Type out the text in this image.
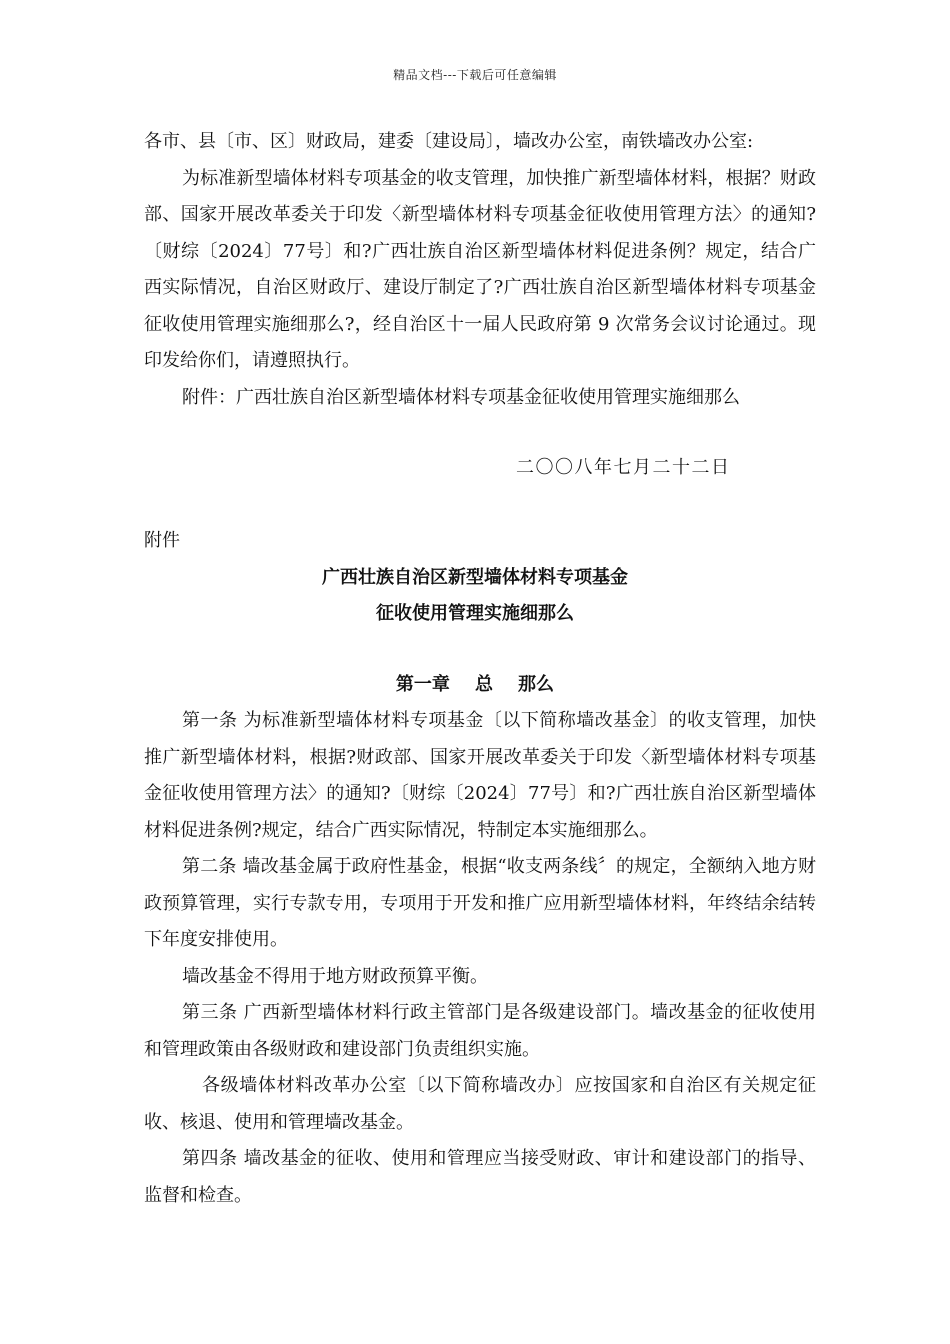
精品文档---下载后可任意编辑

各市、县〔市、区〕财政局，建委〔建设局〕，墙改办公室，南铁墙改办公室:

为标准新型墙体材料专项基金的收支管理，加快推广新型墙体材料，根据？财政部、国家开展改革委关于印发〈新型墙体材料专项基金征收使用管理方法〉的通知?〔财综〔2024〕77号〕和?广西壮族自治区新型墙体材料促进条例？规定，结合广西实际情况，自治区财政厅、建设厅制定了?广西壮族自治区新型墙体材料专项基金征收使用管理实施细那么?，经自治区十一届人民政府第 9 次常务会议讨论通过。现印发给你们，请遵照执行。

附件：广西壮族自治区新型墙体材料专项基金征收使用管理实施细那么

二〇〇八年七月二十二日
附件
广西壮族自治区新型墙体材料专项基金
征收使用管理实施细那么
第一章    总    那么

第一条 为标准新型墙体材料专项基金〔以下简称墙改基金〕的收支管理，加快推广新型墙体材料，根据?财政部、国家开展改革委关于印发〈新型墙体材料专项基金征收使用管理方法〉的通知?〔财综〔2024〕77号〕和?广西壮族自治区新型墙体材料促进条例?规定，结合广西实际情况，特制定本实施细那么。

第二条 墙改基金属于政府性基金，根据“收支两条线〞的规定，全额纳入地方财政预算管理，实行专款专用，专项用于开发和推广应用新型墙体材料，年终结余结转下年度安排使用。

墙改基金不得用于地方财政预算平衡。

第三条 广西新型墙体材料行政主管部门是各级建设部门。墙改基金的征收使用和管理政策由各级财政和建设部门负责组织实施。

各级墙体材料改革办公室〔以下简称墙改办〕应按国家和自治区有关规定征收、核退、使用和管理墙改基金。

第四条 墙改基金的征收、使用和管理应当接受财政、审计和建设部门的指导、监督和检查。
